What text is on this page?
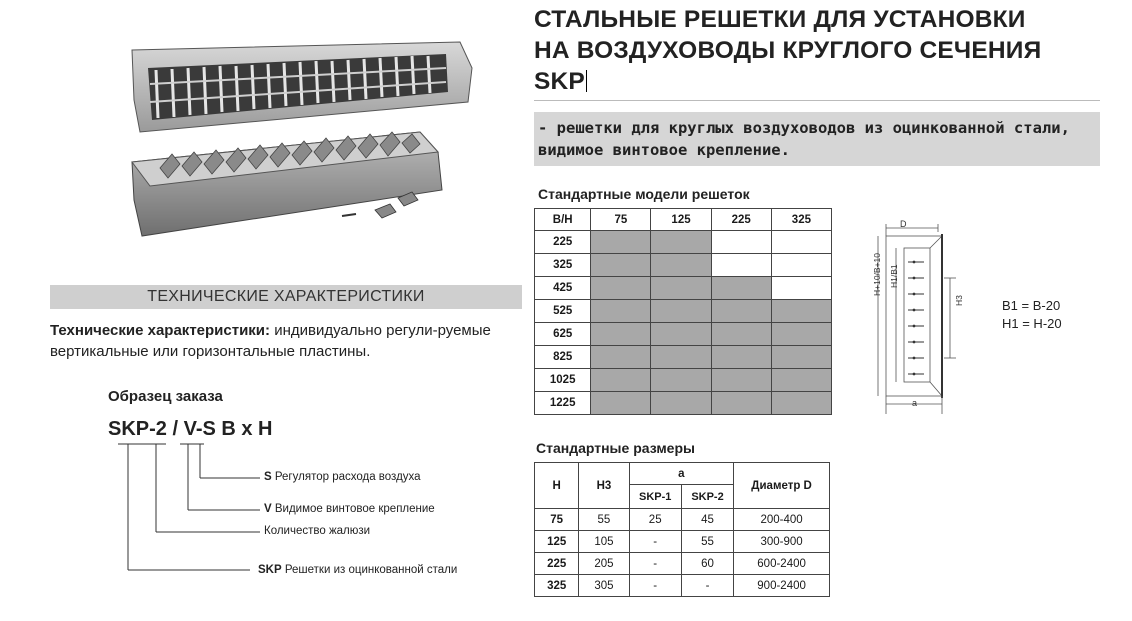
СТАЛЬНЫЕ РЕШЕТКИ ДЛЯ УСТАНОВКИ
НА ВОЗДУХОВОДЫ КРУГЛОГО СЕЧЕНИЯ
SKP
- решетки для круглых воздуховодов из оцинкованной стали, видимое винтовое крепление.
Стандартные модели решеток
В/Н	75	125	225	325
225				
325				
425				
525				
625				
825				
1025				
1225				
Стандартные размеры
Н	Н3	a		Диаметр D
		SKP-1	SKP-2	
75	55	25	45	200-400
125	105	-	55	300-900
225	205	-	60	600-2400
325	305	-	-	900-2400
D
Н+10/В+10 Н1/В1
Н3
a
В1 = В-20
Н1 = Н-20
ТЕХНИЧЕСКИЕ ХАРАКТЕРИСТИКИ
Технические характеристики: индивидуально регули-руемые вертикальные или горизонтальные пластины.
Образец заказа
SKP-2 / V-S B x H
S Регулятор расхода воздуха
V Видимое винтовое крепление
Количество жалюзи
SKP Решетки из оцинкованной стали
